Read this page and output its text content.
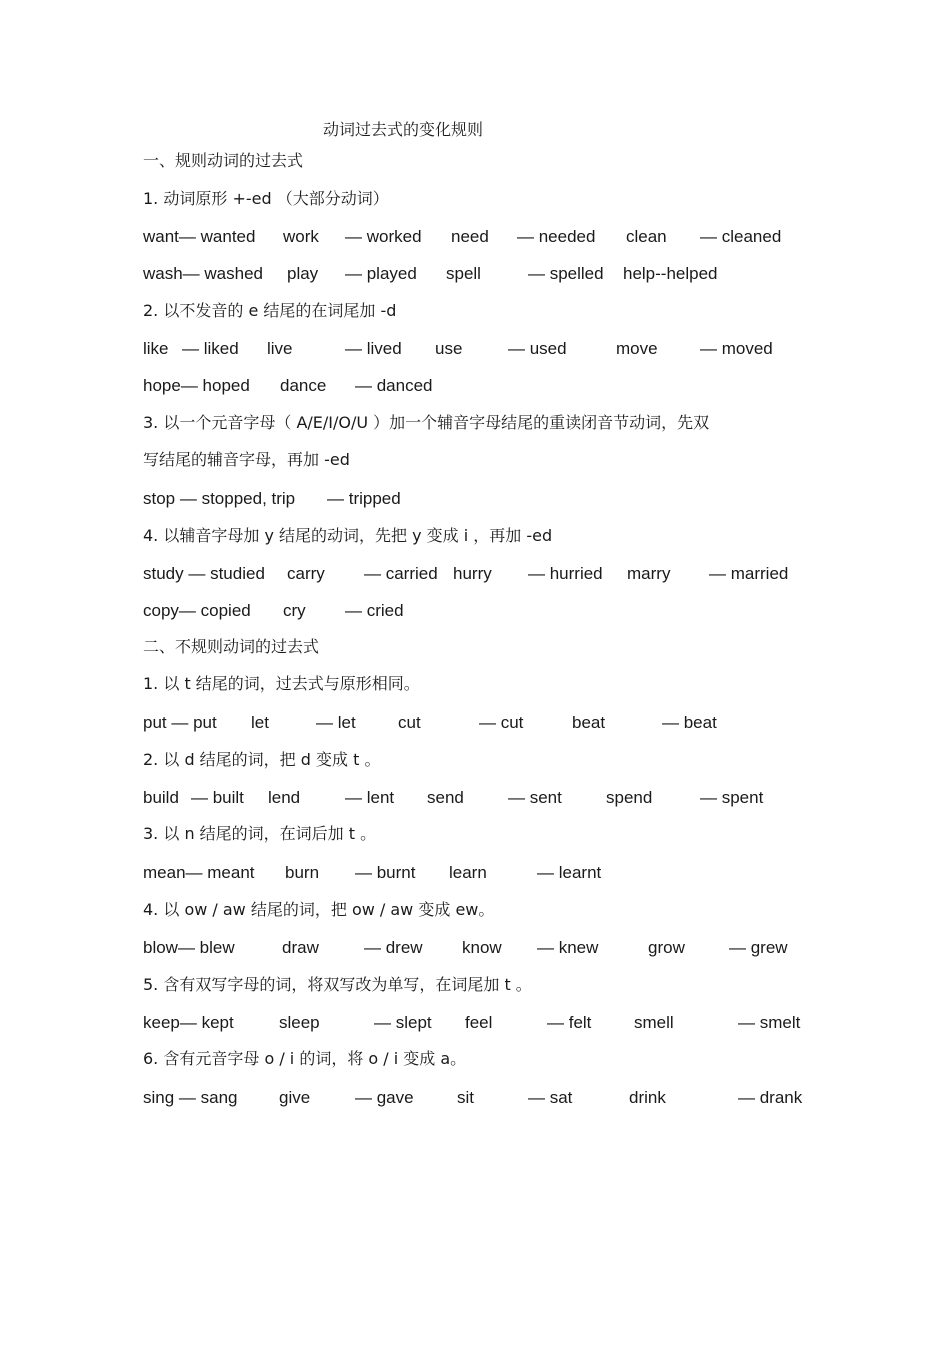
动词过去式的变化规则
一、规则动词的过去式
1. 动词原形 +-ed （大部分动词）
want— wanted work — worked need — needed clean — cleaned
wash— washed play — played spell	— spelled help--helped
2. 以不发音的 e 结尾的在词尾加 -d
like — liked live	— lived use	— used	move — moved
hope— hoped dance — danced
3. 以一个元音字母（ A/E/I/O/U ）加一个辅音字母结尾的重读闭音节动词，先双
写结尾的辅音字母，再加 -ed
stop — stopped, trip — tripped
4. 以辅音字母加 y 结尾的动词，先把 y 变成 i ，再加 -ed
study — studied carry — carried hurry — hurried marry — married
copy— copied cry — cried
二、不规则动词的过去式
1. 以 t 结尾的词，过去式与原形相同。
put — put let	— let cut	— cut	beat	— beat
2. 以 d 结尾的词，把 d 变成 t 。
build — built lend	— lent send	— sent	spend	— spent
3. 以 n 结尾的词，在词后加 t 。
mean— meant burn — burnt learn	— learnt
4. 以 ow / aw 结尾的词，把 ow / aw 变成 ew。
blow— blew	draw	— drew know — knew	grow	— grew
5. 含有双写字母的词，将双写改为单写，在词尾加 t 。
keep— kept	sleep	— slept feel	— felt	smell	— smelt
6. 含有元音字母 o / i 的词，将 o / i 变成 a。
sing — sang give	— gave	sit	— sat	drink	— drank
